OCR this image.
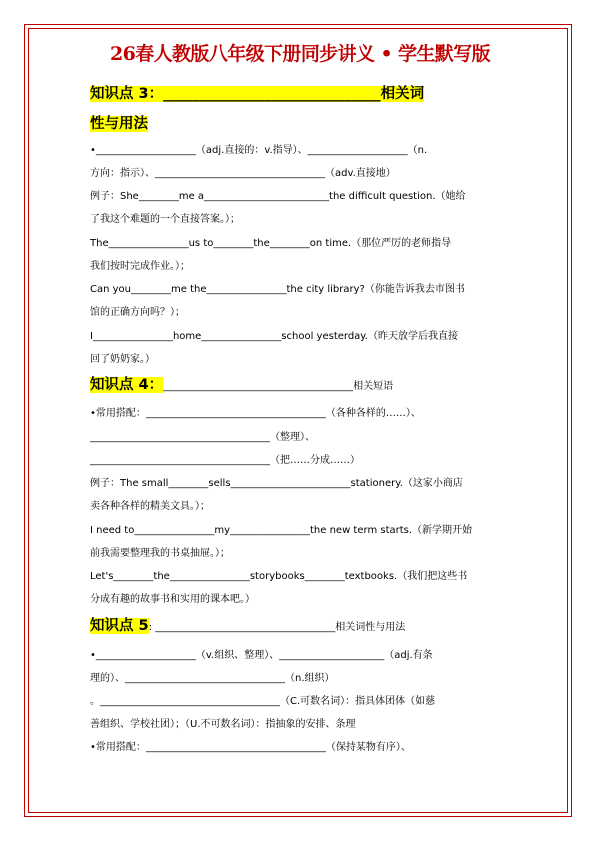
26春人教版八年级下册同步讲义 • 学生默写版
知识点 3：______________________________相关词
性与用法
•____________________（adj.直接的：v.指导）、____________________（n.
方向：指示）、__________________________________（adv.直接地）
例子：She________me a_________________________the difficult question.（她给
了我这个难题的一个直接答案。）；
The________________us to________the________on time.（那位严厉的老师指导
我们按时完成作业。）；
Can you________me the________________the city library?（你能告诉我去市图书
馆的正确方向吗？）；
I________________home________________school yesterday.（昨天放学后我直接
回了奶奶家。）
知识点 4：______________________________________相关短语
•常用搭配：____________________________________（各种各样的……）、
____________________________________（整理）、
____________________________________（把……分成……）
例子：The small________sells________________________stationery.（这家小商店
卖各种各样的精美文具。）；
I need to________________my________________the new term starts.（新学期开始
前我需要整理我的书桌抽屉。）；
Let's________the________________storybooks________textbooks.（我们把这些书
分成有趣的故事书和实用的课本吧。）
知识点 5: ____________________________________相关词性与用法
•____________________（v.组织、整理）、_____________________（adj.有条
理的）、________________________________（n.组织）
。____________________________________（C.可数名词）：指具体团体（如慈
善组织、学校社团）；（U.不可数名词）：指抽象的安排、条理
•常用搭配：____________________________________（保持某物有序）、
